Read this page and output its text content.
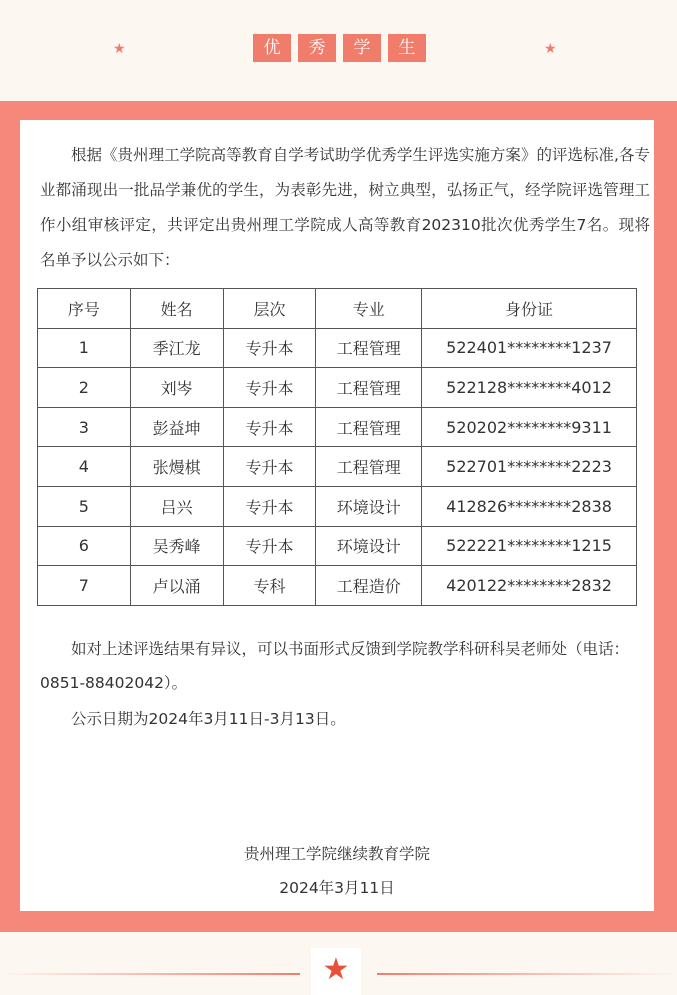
★	优	秀	学	生	★

根据《贵州理工学院高等教育自学考试助学优秀学生评选实施方案》的评选标准,各专业都涌现出一批品学兼优的学生，为表彰先进，树立典型，弘扬正气，经学院评选管理工作小组审核评定，共评定出贵州理工学院成人高等教育202310批次优秀学生7名。现将名单予以公示如下：

序号	姓名	层次	专业	身份证
1	季江龙	专升本	工程管理	522401********1237
2	刘岑	专升本	工程管理	522128********4012
3	彭益坤	专升本	工程管理	520202********9311
4	张熳棋	专升本	工程管理	522701********2223
5	吕兴	专升本	环境设计	412826********2838
6	吴秀峰	专升本	环境设计	522221********1215
7	卢以涌	专科	工程造价	420122********2832

如对上述评选结果有异议，可以书面形式反馈到学院教学科研科吴老师处（电话：0851-88402042）。

公示日期为2024年3月11日-3月13日。

贵州理工学院继续教育学院
2024年3月11日
★
